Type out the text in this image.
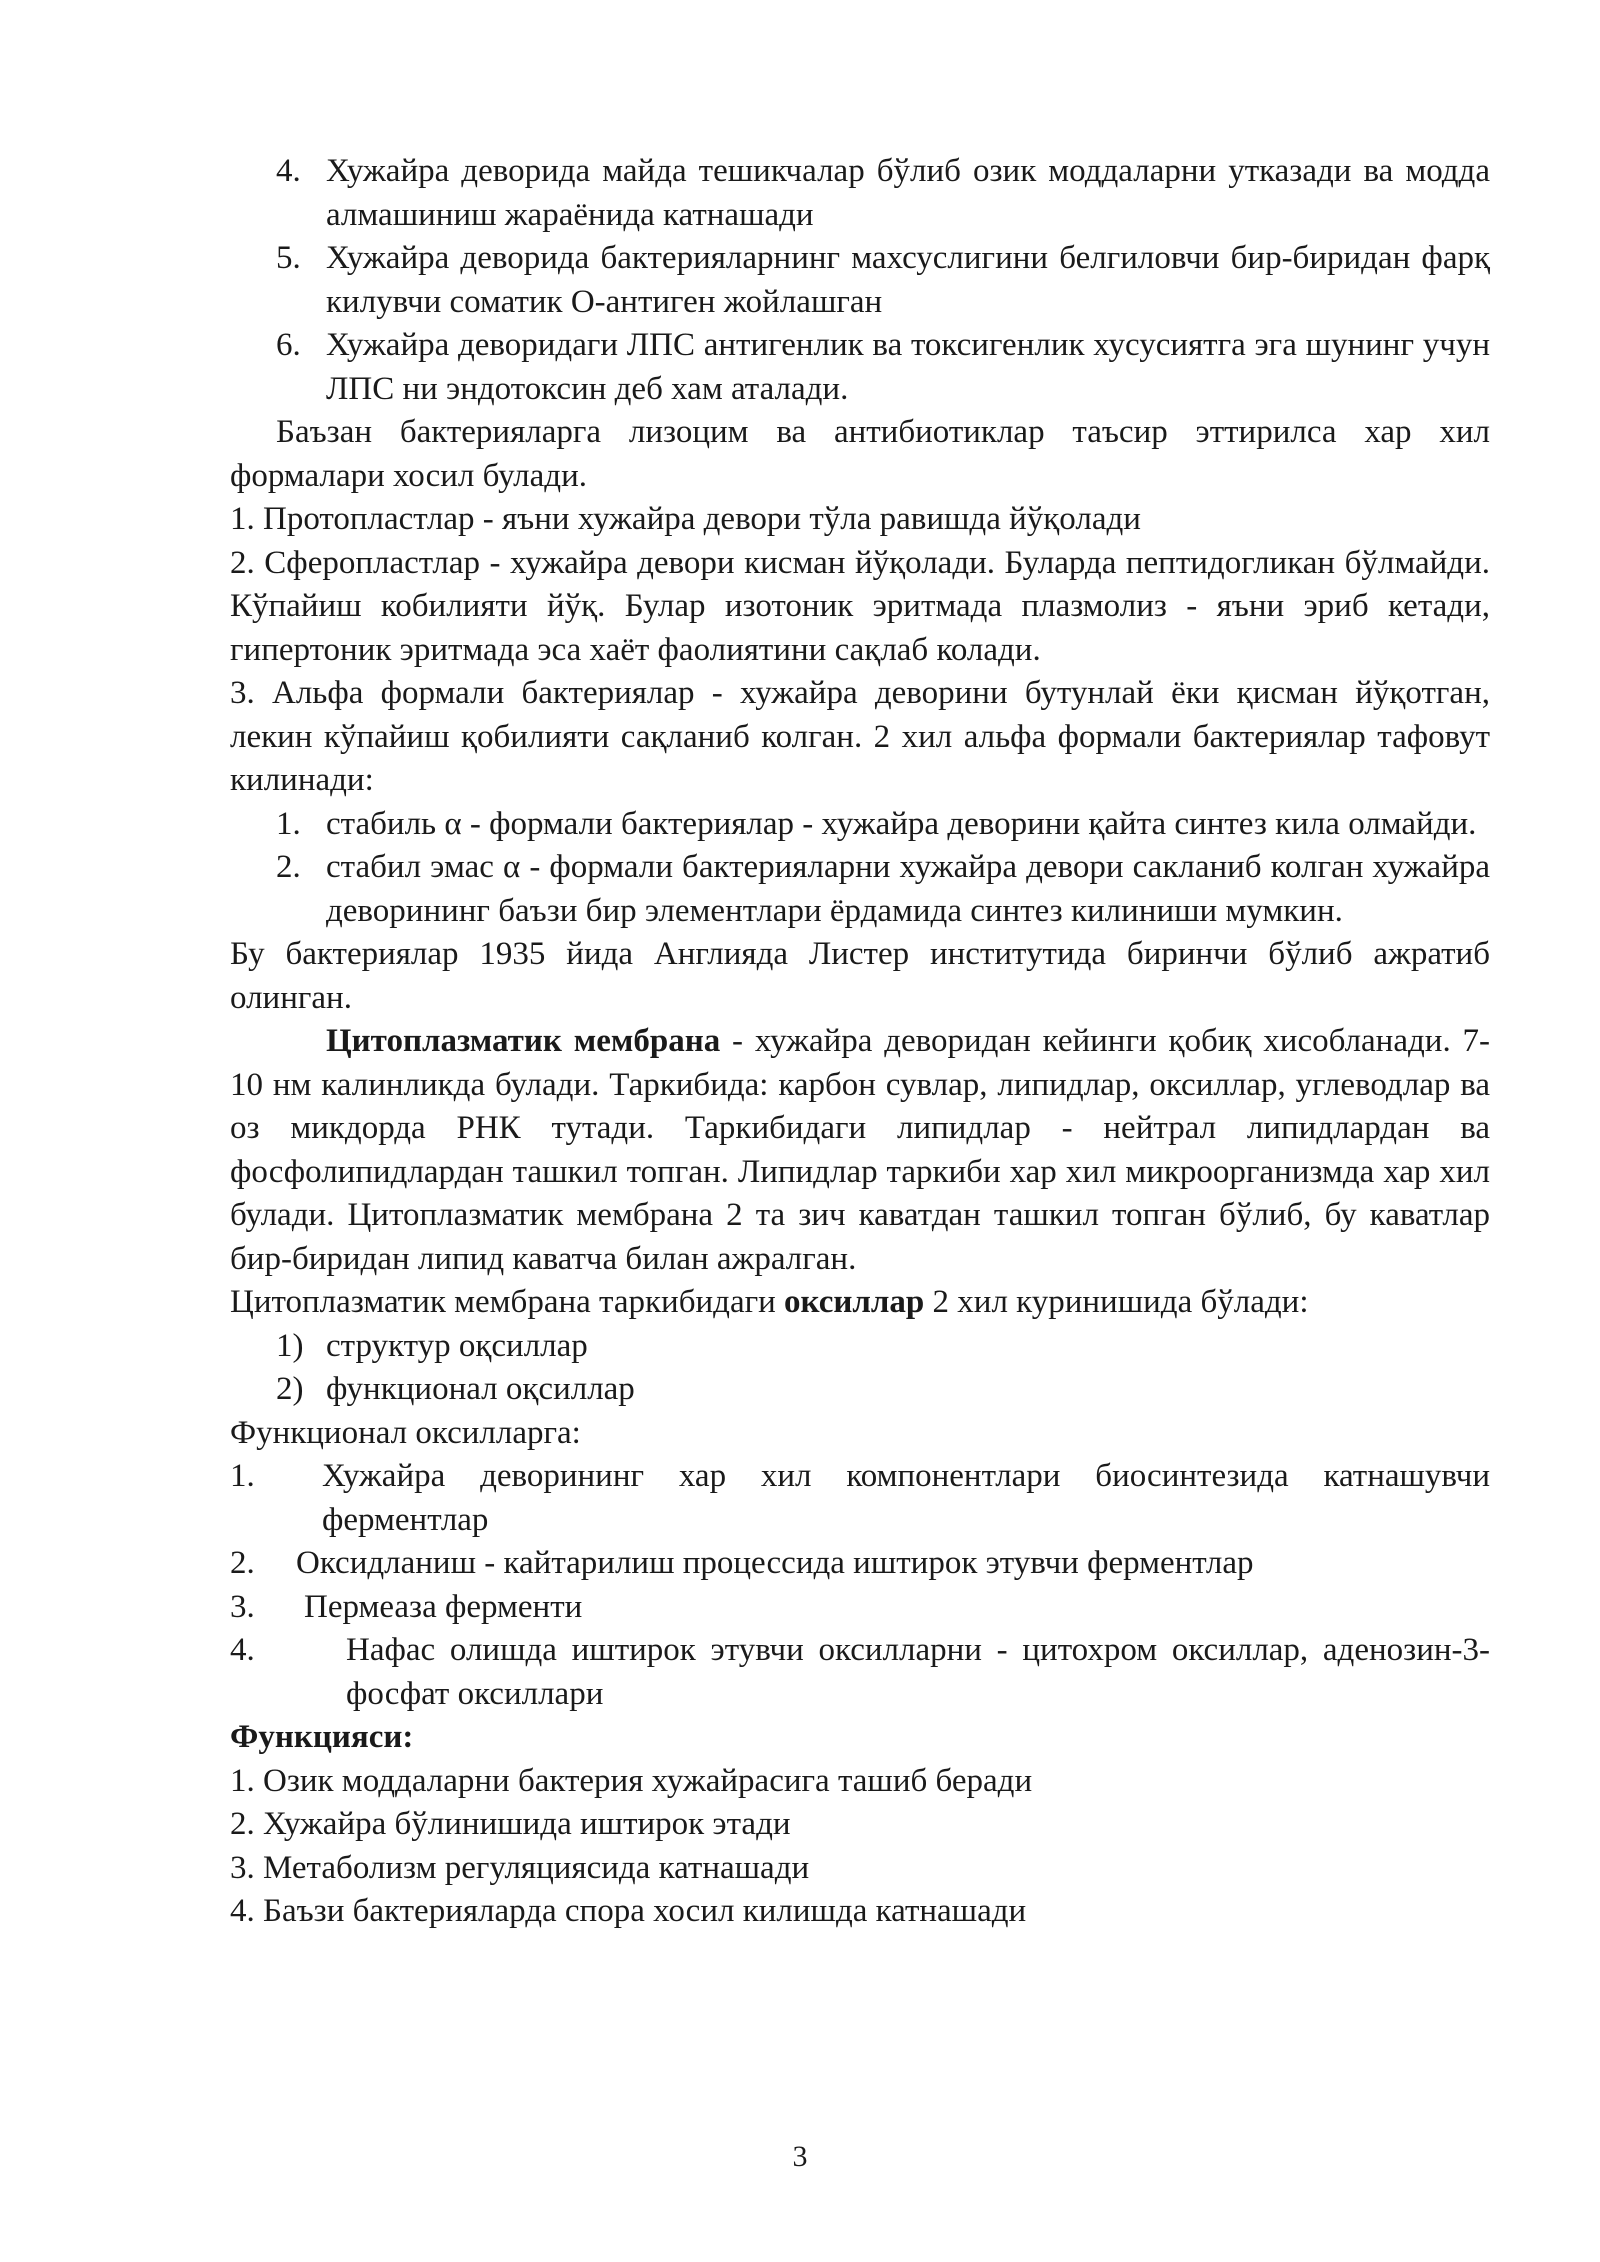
4. Хужайра деворида майда тешикчалар бўлиб озик моддаларни утказади ва модда алмашиниш жараёнида катнашади
5. Хужайра деворида бактерияларнинг махсуслигини белгиловчи бир-биридан фарқ килувчи соматик О-антиген жойлашган
6. Хужайра деворидаги ЛПС антигенлик ва токсигенлик хусусиятга эга шунинг учун ЛПС ни эндотоксин деб хам аталади.
Баъзан бактерияларга лизоцим ва антибиотиклар таъсир эттирилса хар хил формалари хосил булади.
1. Протопластлар - яъни хужайра девори тўла равишда йўқолади
2. Сферопластлар - хужайра девори кисман йўқолади. Буларда пептидогликан бўлмайди. Кўпайиш кобилияти йўқ. Булар изотоник эритмада плазмолиз - яъни эриб кетади, гипертоник эритмада эса хаёт фаолиятини сақлаб колади.
3. Альфа формали бактериялар - хужайра деворини бутунлай ёки қисман йўқотган, лекин кўпайиш қобилияти сақланиб колган. 2 хил альфа формали бактериялар тафовут килинади:
1. стабиль α - формали бактериялар - хужайра деворини қайта синтез кила олмайди.
2. стабил эмас α - формали бактерияларни хужайра девори сакланиб колган хужайра деворининг баъзи бир элементлари ёрдамида синтез килиниши мумкин.
Бу бактериялар 1935 йида Англияда Листер институтида биринчи бўлиб ажратиб олинган.
Цитоплазматик мембрана - хужайра деворидан кейинги қобиқ хисобланади. 7-10 нм калинликда булади. Таркибида: карбон сувлар, липидлар, оксиллар, углеводлар ва оз микдорда РНК тутади. Таркибидаги липидлар - нейтрал липидлардан ва фосфолипидлардан ташкил топган. Липидлар таркиби хар хил микроорганизмда хар хил булади. Цитоплазматик мембрана 2 та зич каватдан ташкил топган бўлиб, бу каватлар бир-биридан липид каватча билан ажралган.
Цитоплазматик мембрана таркибидаги оксиллар 2 хил куринишида бўлади:
1) структур оқсиллар
2) функционал оқсиллар
Функционал оксилларга:
1.	Хужайра деворининг хар хил компонентлари биосинтезида катнашувчи ферментлар
2.	Оксидланиш - кайтарилиш процессида иштирок этувчи ферментлар
3.	Пермеаза ферменти
4.	Нафас олишда иштирок этувчи оксилларни - цитохром оксиллар, аденозин-3-фосфат оксиллари
Функцияси:
1. Озик моддаларни бактерия хужайрасига ташиб беради
2. Хужайра бўлинишида иштирок этади
3. Метаболизм регуляциясида катнашади
4. Баъзи бактерияларда спора хосил килишда катнашади
3
